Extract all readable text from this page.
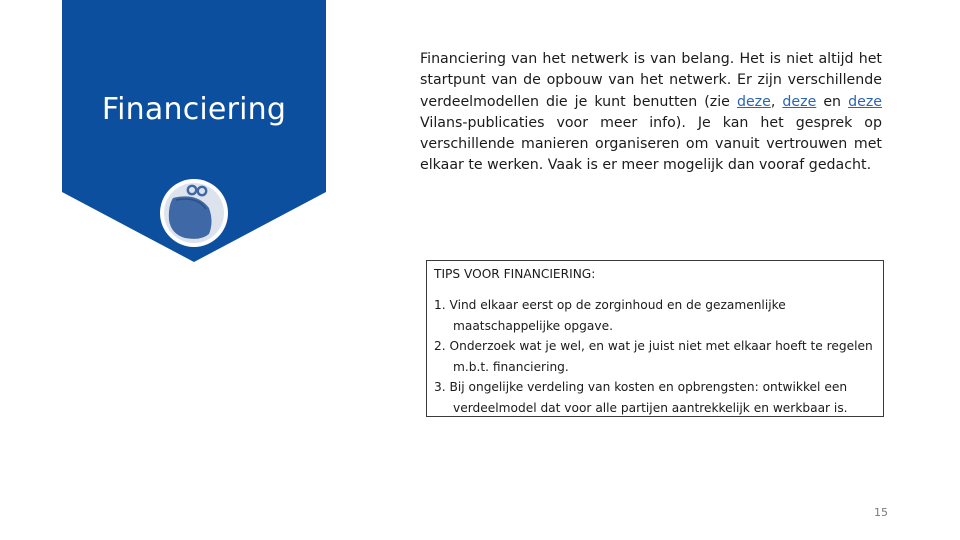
Financiering

Financiering van het netwerk is van belang. Het is niet altijd het startpunt van de opbouw van het netwerk. Er zijn verschillende verdeelmodellen die je kunt benutten (zie deze, deze en deze Vilans-publicaties voor meer info). Je kan het gesprek op verschillende manieren organiseren om vanuit vertrouwen met elkaar te werken. Vaak is er meer mogelijk dan vooraf gedacht.

TIPS VOOR FINANCIERING:
1. Vind elkaar eerst op de zorginhoud en de gezamenlijke maatschappelijke opgave.
2. Onderzoek wat je wel, en wat je juist niet met elkaar hoeft te regelen m.b.t. financiering.
3. Bij ongelijke verdeling van kosten en opbrengsten: ontwikkel een verdeelmodel dat voor alle partijen aantrekkelijk en werkbaar is.
15
